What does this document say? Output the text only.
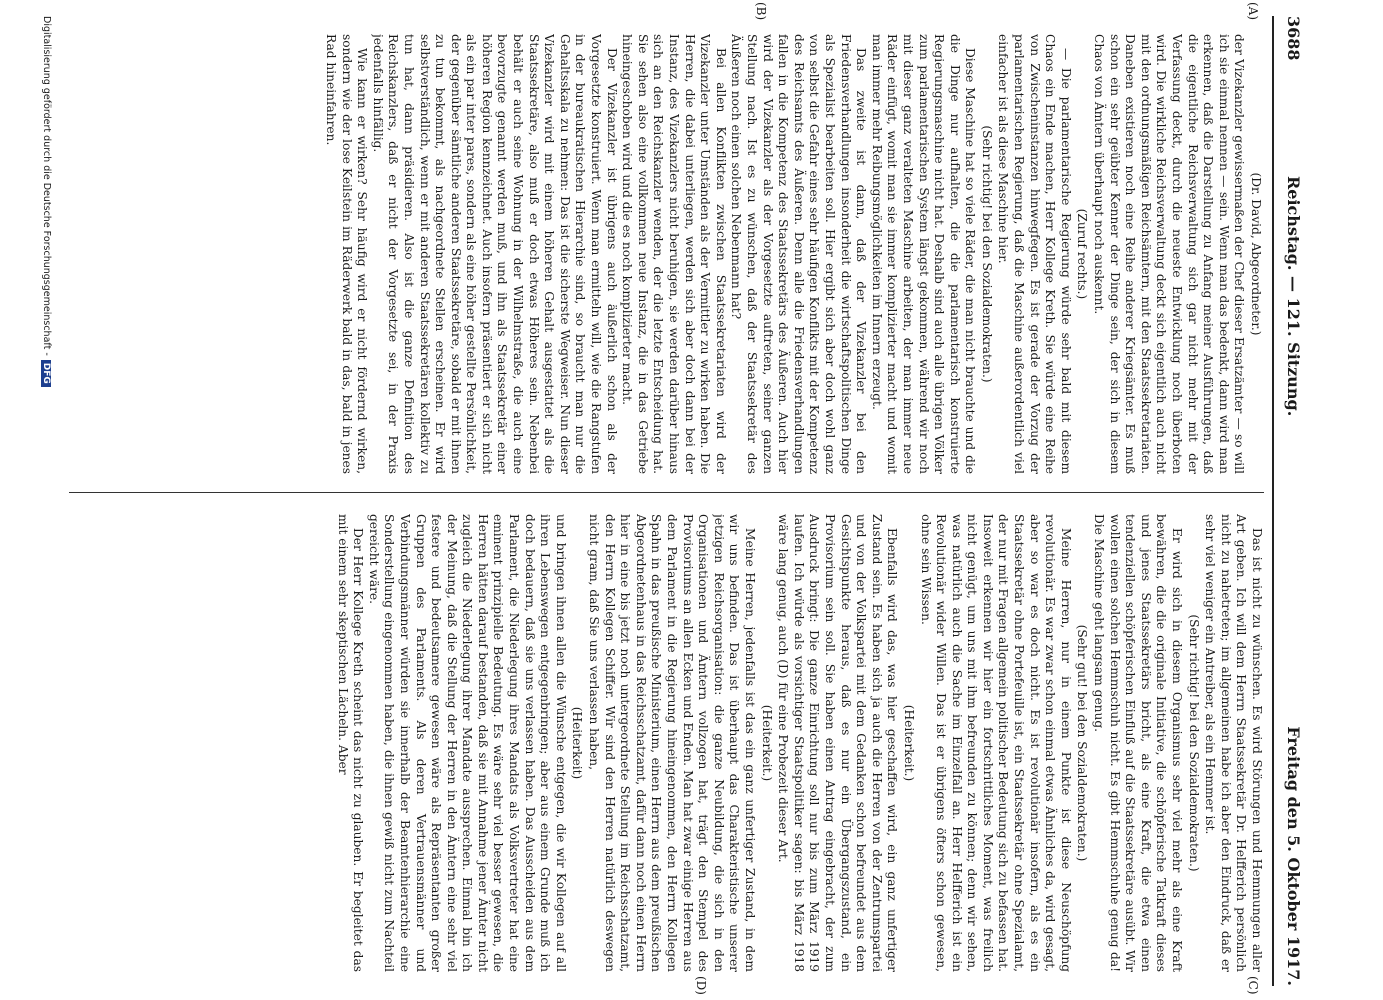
3688
Reichstag. — 121. Sitzung.
Freitag den 5. Oktober 1917.
(A)
(B)
(C)
(D)

(Dr. David, Abgeordneter.)

der Vizekanzler gewissermaßen der Chef dieser Ersatzämter — so will ich sie einmal nennen — sein. Wenn man das bedenkt, dann wird man erkennen, daß die Darstellung zu Anfang meiner Ausführungen, daß die eigentliche Reichsverwaltung sich gar nicht mehr mit der Verfassung deckt, durch die neueste Entwicklung noch überboten wird. Die wirkliche Reichsverwaltung deckt sich eigentlich auch nicht mit den ordnungsmäßigen Reichsämtern, mit den Staatssekretariaten. Daneben existieren noch eine Reihe anderer Kriegsämter. Es muß schon ein sehr geübter Kenner der Dinge sein, der sich in diesem Chaos von Ämtern überhaupt noch auskennt.

(Zuruf rechts.)

— Die parlamentarische Regierung würde sehr bald mit diesem Chaos ein Ende machen, Herr Kollege Kreth. Sie würde eine Reihe von Zwischeninstanzen hinwegfegen. Es ist gerade der Vorzug der parlamentarischen Regierung, daß die Maschine außerordentlich viel einfacher ist als diese Maschine hier.

(Sehr richtig! bei den Sozialdemokraten.)

Diese Maschine hat so viele Räder, die man nicht brauchte und die die Dinge nur aufhalten, die die parlamentarisch konstruierte Regierungsmaschine nicht hat. Deshalb sind auch alle übrigen Völker zum parlamentarischen System längst gekommen, während wir noch mit dieser ganz veralteten Maschine arbeiten, der man immer neue Räder einfügt, womit man sie immer komplizierter macht und womit man immer mehr Reibungsmöglichkeiten im Innern erzeugt.

Das zweite ist dann, daß der Vizekanzler bei den Friedensverhandlungen insonderheit die wirtschaftspolitischen Dinge als Spezialist bearbeiten soll. Hier ergibt sich aber doch wohl ganz von selbst die Gefahr eines sehr häufigen Konflikts mit der Kompetenz des Reichsamts des Äußeren. Denn alle die Friedensverhandlungen fallen in die Kompetenz des Staatssekretärs des Äußeren. Auch hier wird der Vizekanzler als der Vorgesetzte auftreten, seiner ganzen Stellung nach. Ist es zu wünschen, daß der Staatssekretär des Äußeren noch einen solchen Nebenmann hat?

Bei allen Konflikten zwischen Staatssekretariaten wird der Vizekanzler unter Umständen als der Vermittler zu wirken haben. Die Herren, die dabei unterliegen, werden sich aber doch dann bei der Instanz, des Vizekanzlers nicht beruhigen, sie werden darüber hinaus sich an den Reichskanzler wenden, der die letzte Entscheidung hat. Sie sehen also eine vollkommen neue Instanz, die in das Getriebe hineingeschoben wird und die es noch komplizierter macht.

Der Vizekanzler ist übrigens auch äußerlich schon als der Vorgesetzte konstruiert. Wenn man ermitteln will, wie die Rangstufen in der bureaukratischen Hierarchie sind, so braucht man nur die Gehaltsskala zu nehmen: Das ist die sicherste Wegweiser. Nun dieser Vizekanzler wird mit einem höheren Gehalt ausgestattet als die Staatssekretäre, also muß er doch etwas Höheres sein. Nebenbei behält er auch seine Wohnung in der Wilhelmstraße, die auch eine bevorzugte genannt werden muß, und ihn als Staatssekretär einer höheren Region kennzeichnet. Auch insofern präsentiert er sich nicht als ein par inter pares, sondern als eine höher gestellte Persönlichkeit, der gegenüber sämtliche anderen Staatssekretäre, sobald er mit ihnen zu tun bekommt, als nachgeordnete Stellen erscheinen. Er wird selbstverständlich, wenn er mit anderen Staatssekretären kollektiv zu tun hat, dann präsidieren. Also ist die ganze Definition des Reichskanzlers, daß er nicht der Vorgesetzte sei, in der Praxis jedenfalls hinfällig.

Wie kann er wirken? Sehr häufig wird er nicht fördernd wirken, sondern wie der lose Keilstein im Räderwerk bald in das, bald in jenes Rad hineinfahren.

Das ist nicht zu wünschen. Es wird Störungen und Hemmungen aller Art geben. Ich will dem Herrn Staatssekretär Dr. Helfferich persönlich nicht zu nahetreten; im allgemeinen habe ich aber den Eindruck, daß er sehr viel weniger ein Antreiber, als ein Hemmer ist.

(Sehr richtig! bei den Sozialdemokraten.)

Er wird sich in diesem Organismus sehr viel mehr als eine Kraft bewähren, die die originale Initiative, die schöpferische Tatkraft dieses und jenes Staatssekretärs bricht, als eine Kraft, die etwa einen tendenziellen schöpferischen Einfluß auf die Staatssekretäre ausübt. Wir wollen einen solchen Hemmschuh nicht. Es gibt Hemmschuhe genug da! Die Maschine geht langsam genug.

(Sehr gut! bei den Sozialdemokraten.)

Meine Herren, nur in einem Punkte ist diese Neuschöpfung revolutionär. Es war zwar schon einmal etwas Ähnliches da, wird gesagt, aber so war es doch nicht. Es ist revolutionär insofern, als es ein Staatssekretär ohne Portefeuille ist, ein Staatssekretär ohne Spezialamt, der nur mit Fragen allgemein politischer Bedeutung sich zu befassen hat. Insoweit erkennen wir hier ein fortschrittliches Moment, was freilich nicht genügt, um uns mit ihm befreunden zu können; denn wir sehen, was natürlich auch die Sache im Einzelfall an. Herr Helfferich ist ein Revolutionär wider Willen. Das ist er übrigens öfters schon gewesen, ohne sein Wissen.

(Heiterkeit.)

Ebenfalls wird das, was hier geschaffen wird, ein ganz unfertiger Zustand sein. Es haben sich ja auch die Herren von der Zentrumspartei und von der Volkspartei mit dem Gedanken schon befreundet aus dem Gesichtspunkte heraus, daß es nur ein Übergangszustand, ein Provisorium sein soll. Sie haben einen Antrag eingebracht, der zum Ausdruck bringt: Die ganze Einrichtung soll nur bis zum März 1919 laufen. Ich würde als vorsichtiger Staatspolitiker sagen: bis März 1918 wäre lang genug, auch (D) für eine Probezeit dieser Art.

(Heiterkeit.)

Meine Herren, jedenfalls ist das ein ganz unfertiger Zustand, in dem wir uns befinden. Das ist überhaupt das Charakteristische unserer jetzigen Reichsorganisation: die ganze Neubildung, die sich in den Organisationen und Ämtern vollzogen hat, trägt den Stempel des Provisoriums an allen Ecken und Enden. Man hat zwar einige Herren aus dem Parlament in die Regierung hineingenommen, den Herrn Kollegen Spahn in das preußische Ministerium, einen Herrn aus dem preußischen Abgeordnetenhaus in das Reichsschatzamt, dafür dann noch einen Herrn hier in eine bis jetzt noch untergeordnete Stellung im Reichsschatzamt, den Herrn Kollegen Schiffer. Wir sind den Herren natürlich deswegen nicht gram, daß Sie uns verlassen haben,

(Heiterkeit)

und bringen ihnen allen die Wünsche entgegen, die wir Kollegen auf all ihren Lebenswegen entgegenbringen; aber aus einem Grunde muß ich doch bedauern, daß sie uns verlassen haben. Das Ausscheiden aus dem Parlament, die Niederlegung ihres Mandats als Volksvertreter hat eine eminent prinzipielle Bedeutung. Es wäre sehr viel besser gewesen, die Herren hätten darauf bestanden, daß sie mit Annahme jener Ämter nicht zugleich die Niederlegung ihrer Mandate aussprechen. Einmal bin ich der Meinung, daß die Stellung der Herren in den Ämtern eine sehr viel festere und bedeutsamere gewesen wäre als Repräsentanten großer Gruppen des Parlaments. Als deren Vertrauensmänner und Verbindungsmänner würden sie innerhalb der Beamtenhierarchie eine Sonderstellung eingenommen haben, die ihnen gewiß nicht zum Nachteil gereicht wäre.

Der Herr Kollege Kreth scheint das nicht zu glauben. Er begleitet das mit einem sehr skeptischen Lächeln. Aber

Digitalisierung gefördert durch die Deutsche Forschungsgemeinschaft -DFG
